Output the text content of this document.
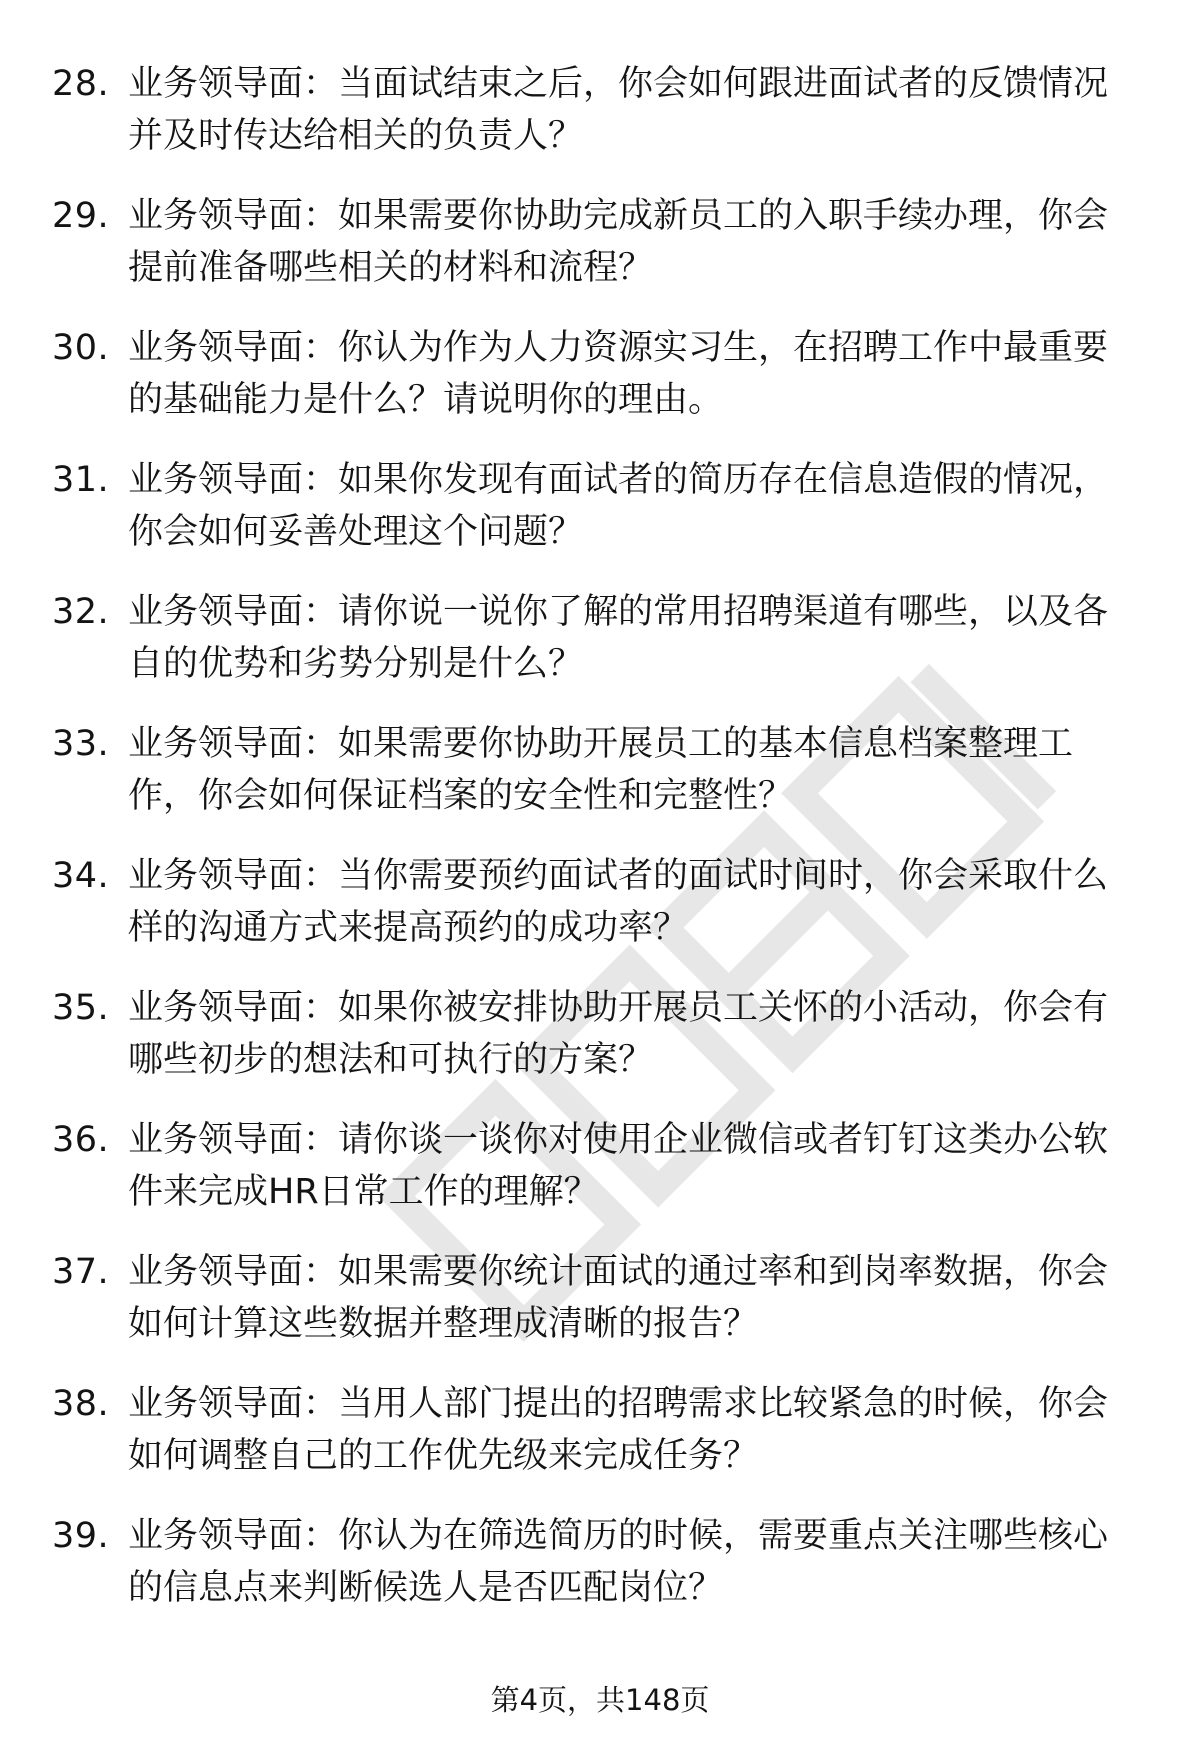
28. 业务领导面：当面试结束之后，你会如何跟进面试者的反馈情况
并及时传达给相关的负责人？
29. 业务领导面：如果需要你协助完成新员工的入职手续办理，你会
提前准备哪些相关的材料和流程？
30. 业务领导面：你认为作为人力资源实习生，在招聘工作中最重要
的基础能力是什么？请说明你的理由。
31. 业务领导面：如果你发现有面试者的简历存在信息造假的情况，
你会如何妥善处理这个问题？
32. 业务领导面：请你说一说你了解的常用招聘渠道有哪些，以及各
自的优势和劣势分别是什么？
33. 业务领导面：如果需要你协助开展员工的基本信息档案整理工
作，你会如何保证档案的安全性和完整性？
34. 业务领导面：当你需要预约面试者的面试时间时，你会采取什么
样的沟通方式来提高预约的成功率？
35. 业务领导面：如果你被安排协助开展员工关怀的小活动，你会有
哪些初步的想法和可执行的方案？
36. 业务领导面：请你谈一谈你对使用企业微信或者钉钉这类办公软
件来完成HR日常工作的理解？
37. 业务领导面：如果需要你统计面试的通过率和到岗率数据，你会
如何计算这些数据并整理成清晰的报告？
38. 业务领导面：当用人部门提出的招聘需求比较紧急的时候，你会
如何调整自己的工作优先级来完成任务？
39. 业务领导面：你认为在筛选简历的时候，需要重点关注哪些核心
的信息点来判断候选人是否匹配岗位？
第4页，共148页
